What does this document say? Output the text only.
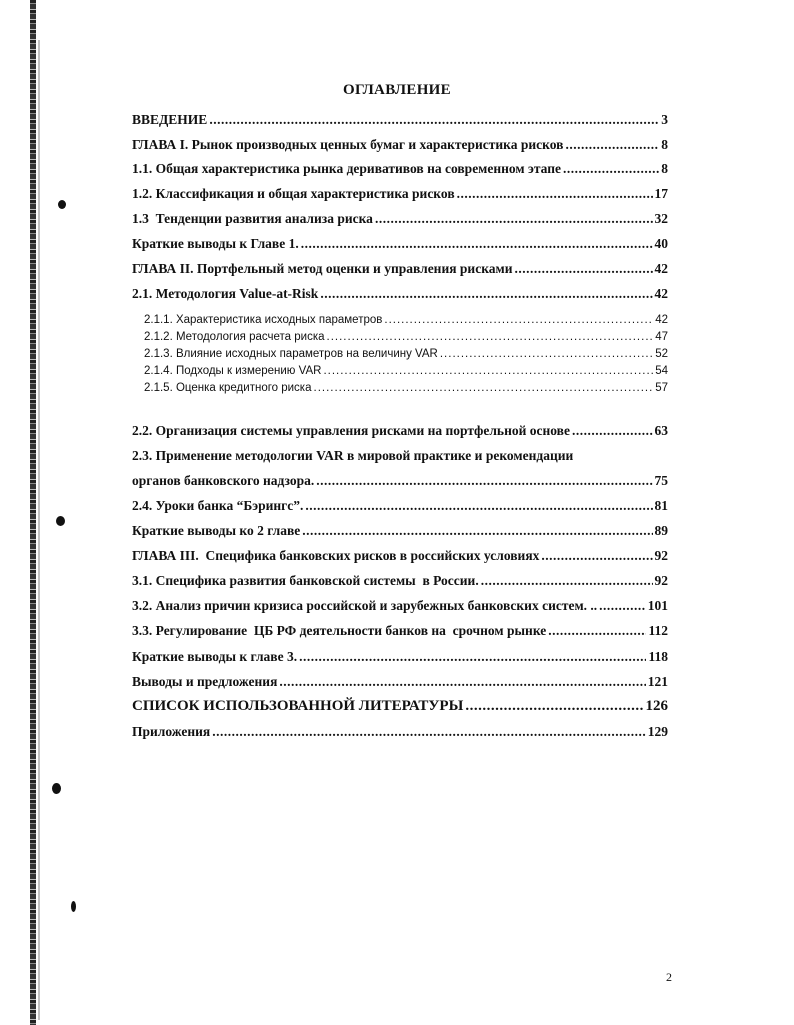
ОГЛАВЛЕНИЕ
ВВЕДЕНИЕ .....	3
ГЛАВА I. Рынок производных ценных бумаг и характеристика рисков .....	8
1.1. Общая характеристика рынка деривативов на современном этапе .....	8
1.2. Классификация и общая характеристика рисков .....	17
1.3  Тенденции развития анализа риска .....	32
Краткие выводы к Главе 1. .....	40
ГЛАВА II. Портфельный метод оценки и управления рисками .....	42
2.1. Методология Value-at-Risk .....	42
2.1.1. Характеристика исходных параметров .....	42
2.1.2. Методология расчета риска .....	47
2.1.3. Влияние исходных параметров на величину VAR .....	52
2.1.4. Подходы к измерению VAR .....	54
2.1.5. Оценка кредитного риска .....	57
2.2. Организация системы управления рисками на портфельной основе .....	63
2.3. Применение методологии VAR в мировой практике и рекомендации
органов банковского надзора. .....	75
2.4. Уроки банка “Бэрингс”. .....	81
Краткие выводы ко 2 главе .....	89
ГЛАВА III.  Специфика банковских рисков в российских условиях .....	92
3.1. Специфика развития банковской системы  в России. .....	92
3.2. Анализ причин кризиса российской и зарубежных банковских систем. .. .....	101
3.3. Регулирование  ЦБ РФ деятельности банков на  срочном рынке .....	112
Краткие выводы к главе 3. .....	118
Выводы и предложения .....	121
СПИСОК ИСПОЛЬЗОВАННОЙ ЛИТЕРАТУРЫ .....	126
Приложения .....	129
2
